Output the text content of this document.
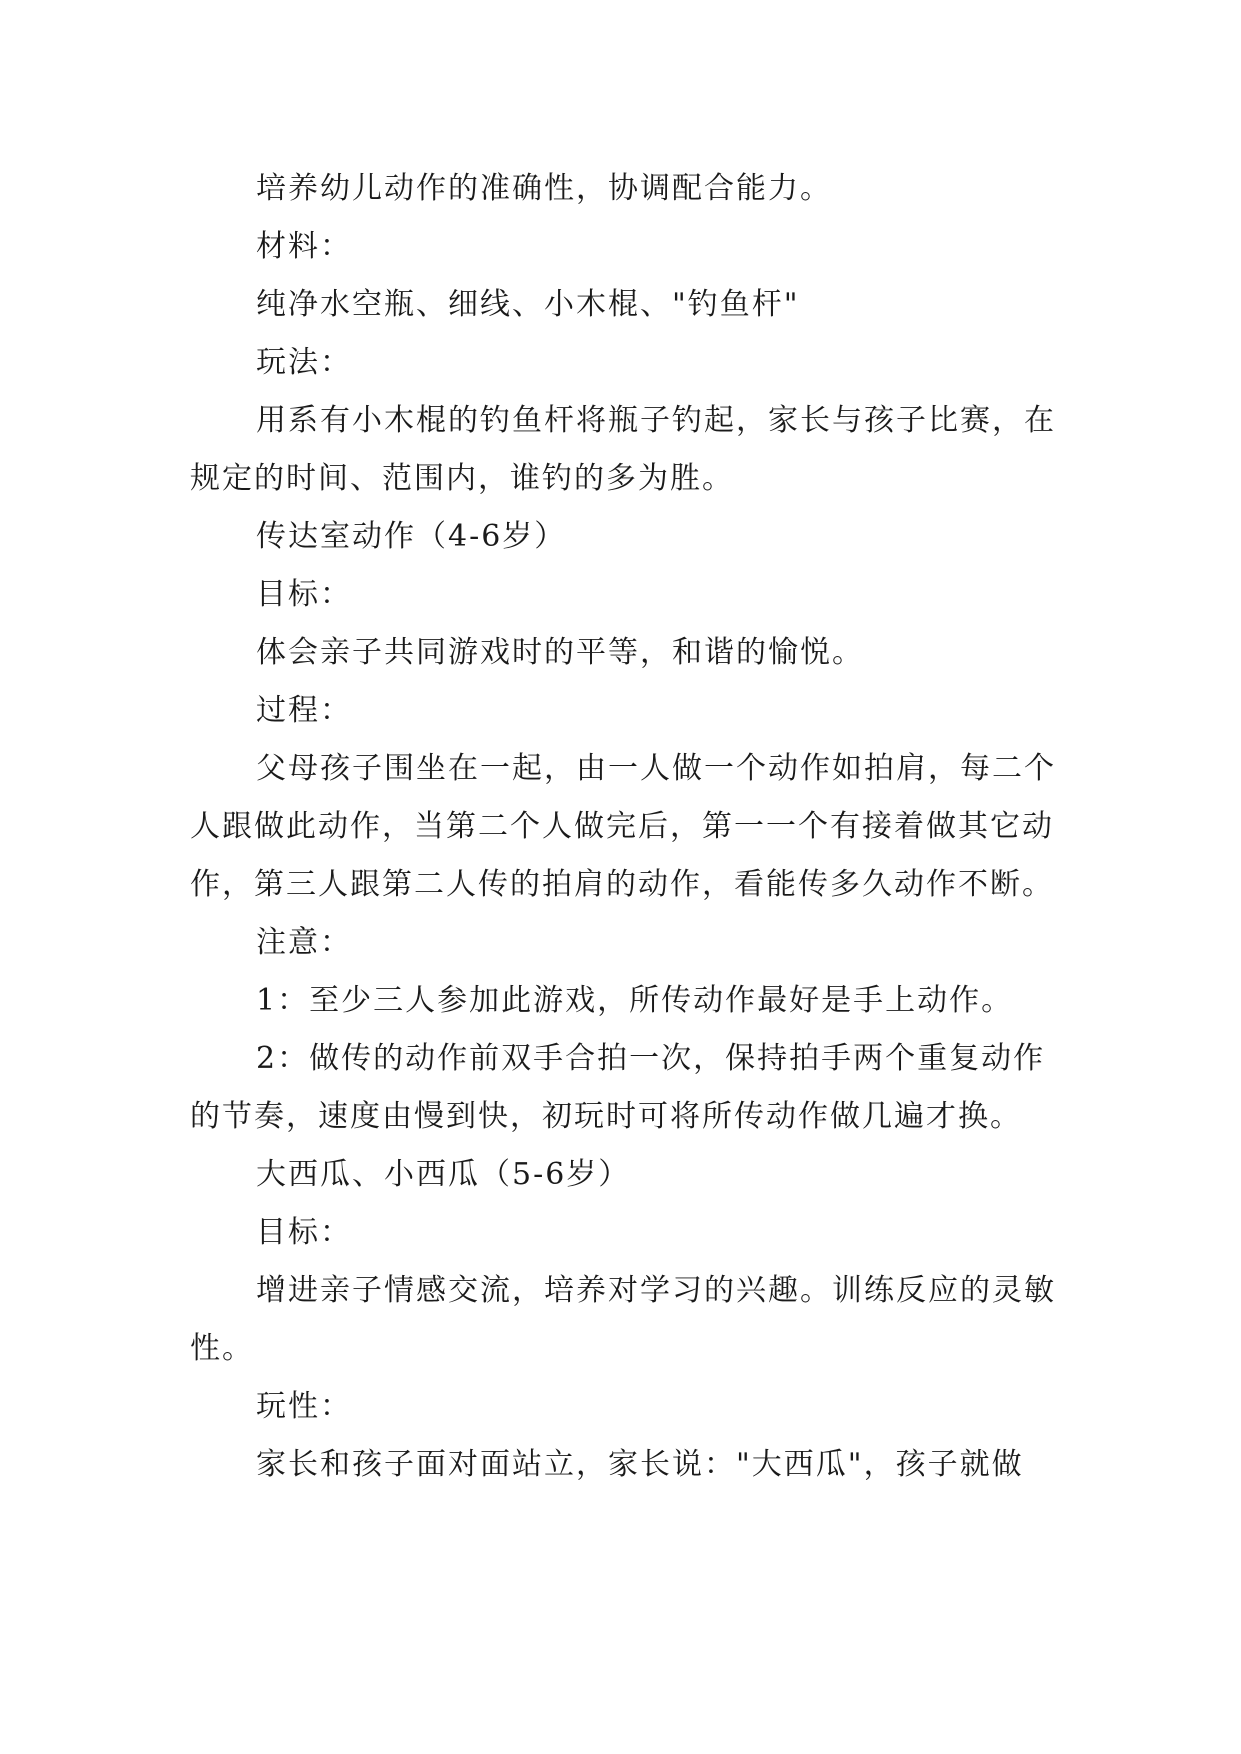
培养幼儿动作的准确性，协调配合能力。

材料：

纯净水空瓶、细线、小木棍、"钓鱼杆"

玩法：

用系有小木棍的钓鱼杆将瓶子钓起，家长与孩子比赛，在规定的时间、范围内，谁钓的多为胜。

传达室动作（4-6岁）

目标：

体会亲子共同游戏时的平等，和谐的愉悦。

过程：

父母孩子围坐在一起，由一人做一个动作如拍肩，每二个人跟做此动作，当第二个人做完后，第一一个有接着做其它动作，第三人跟第二人传的拍肩的动作，看能传多久动作不断。

注意：

1：至少三人参加此游戏，所传动作最好是手上动作。

2：做传的动作前双手合拍一次，保持拍手两个重复动作的节奏，速度由慢到快，初玩时可将所传动作做几遍才换。

大西瓜、小西瓜（5-6岁）

目标：

增进亲子情感交流，培养对学习的兴趣。训练反应的灵敏性。

玩性：

家长和孩子面对面站立，家长说："大西瓜"，孩子就做
